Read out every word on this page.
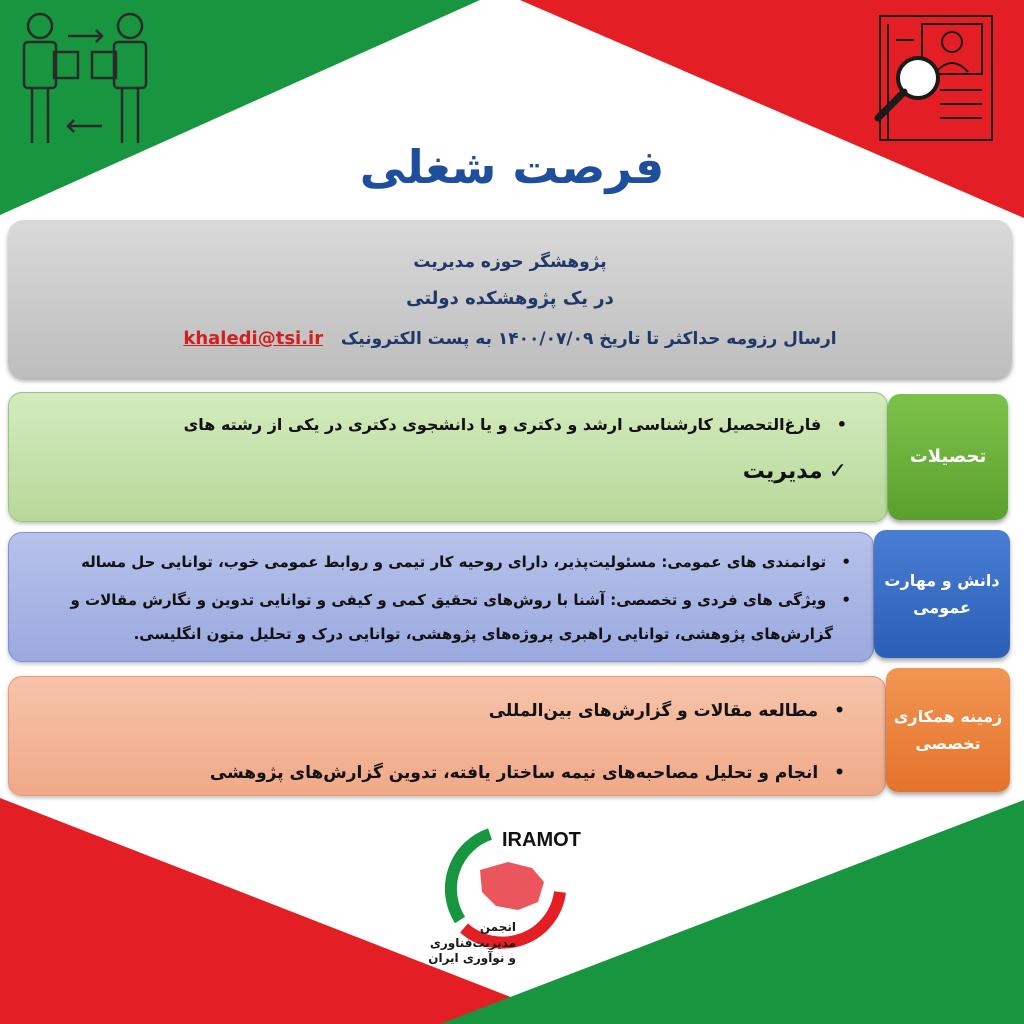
فرصت شغلی
پژوهشگر حوزه مدیریت
در یک پژوهشکده دولتی
ارسال رزومه حداکثر تا تاریخ ۱۴۰۰/۰۷/۰۹ به پست الکترونیک   khaledi@tsi.ir
• فارغ‌التحصیل کارشناسی ارشد و دکتری و یا دانشجوی دکتری در یکی از رشته های
✓مدیریت
تحصیلات
• توانمندی های عمومی: مسئولیت‌پذیر، دارای روحیه کار تیمی و روابط عمومی خوب، توانایی حل مساله
• ویژگی های فردی و تخصصی: آشنا با روش‌های تحقیق کمی و کیفی و توانایی تدوین و نگارش مقالات و
گزارش‌های پژوهشی، توانایی راهبری پروژه‌های پژوهشی، توانایی درک و تحلیل متون انگلیسی.
دانش و مهارت
عمومی
• مطالعه مقالات و گزارش‌های بین‌المللی
• انجام و تحلیل مصاحبه‌های نیمه ساختار یافته، تدوین گزارش‌های پژوهشی
زمینه همکاری
تخصصی
IRAMOT
انجمن
مدیریت‌فناوری
و نوآوری ایران
